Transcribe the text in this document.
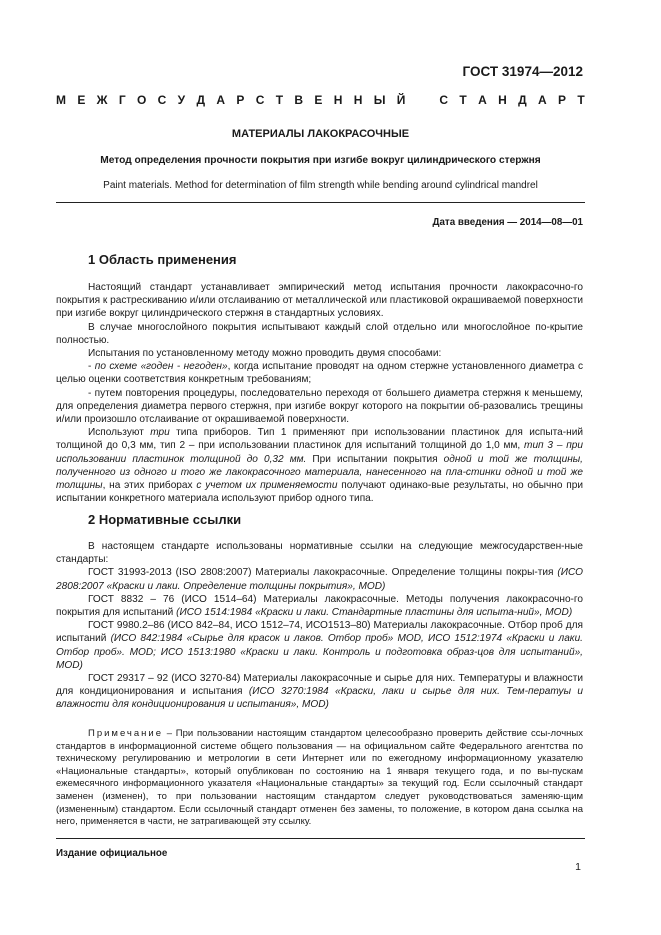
ГОСТ 31974—2012
М Е Ж Г О С У Д А Р С Т В Е Н Н Ы Й	С Т А Н Д А Р Т
МАТЕРИАЛЫ ЛАКОКРАСОЧНЫЕ
Метод определения прочности покрытия при изгибе вокруг цилиндрического стержня
Paint materials. Method for determination of film strength while bending around cylindrical mandrel
Дата введения — 2014—08—01
1 Область применения

Настоящий стандарт устанавливает эмпирический метод испытания прочности лакокрасочно-го покрытия к растрескиванию и/или отслаиванию от металлической или пластиковой окрашиваемой поверхности при изгибе вокруг цилиндрического стержня в стандартных условиях.

В случае многослойного покрытия испытывают каждый слой отдельно или многослойное по-крытие полностью.

Испытания по установленному методу можно проводить двумя способами:

- по схеме «годен - негоден», когда испытание проводят на одном стержне установленного диаметра с целью оценки соответствия конкретным требованиям;

- путем повторения процедуры, последовательно переходя от большего диаметра стержня к меньшему, для определения диаметра первого стержня, при изгибе вокруг которого на покрытии об-разовались трещины и/или произошло отслаивание от окрашиваемой поверхности.

Используют три типа приборов. Тип 1 применяют при использовании пластинок для испыта-ний толщиной до 0,3 мм, тип 2 – при использовании пластинок для испытаний толщиной до 1,0 мм, тип 3 – при использовании пластинок толщиной до 0,32 мм. При испытании покрытия одной и той же толщины, полученного из одного и того же лакокрасочного материала, нанесенного на пла-стинки одной и той же толщины, на этих приборах с учетом их применяемости получают одинако-вые результаты, но обычно при испытании конкретного материала используют прибор одного типа.

2 Нормативные ссылки

В настоящем стандарте использованы нормативные ссылки на следующие межгосударствен-ные стандарты:

ГОСТ 31993-2013 (ISO 2808:2007) Материалы лакокрасочные. Определение толщины покры-тия (ИСО 2808:2007 «Краски и лаки. Определение толщины покрытия», MOD)

ГОСТ 8832 – 76 (ИСО 1514–64) Материалы лакокрасочные. Методы получения лакокрасочно-го покрытия для испытаний (ИСО 1514:1984 «Краски и лаки. Стандартные пластины для испыта-ний», MOD)

ГОСТ 9980.2–86 (ИСО 842–84, ИСО 1512–74, ИСО1513–80) Материалы лакокрасочные. Отбор проб для испытаний (ИСО 842:1984 «Сырье для красок и лаков. Отбор проб» MOD, ИСО 1512:1974 «Краски и лаки. Отбор проб». MOD; ИСО 1513:1980 «Краски и лаки. Контроль и подготовка образ-цов для испытаний», MOD)

ГОСТ 29317 – 92 (ИСО 3270-84) Материалы лакокрасочные и сырье для них. Температуры и влажности для кондиционирования и испытания (ИСО 3270:1984 «Краски, лаки и сырье для них. Тем-ператуы и влажности для кондиционирования и испытания», MOD)

Примечание – При пользовании настоящим стандартом целесообразно проверить действие ссы-лочных стандартов в информационной системе общего пользования — на официальном сайте Федерального агентства по техническому регулированию и метрологии в сети Интернет или по ежегодному информационному указателю «Национальные стандарты», который опубликован по состоянию на 1 января текущего года, и по вы-пускам ежемесячного информационного указателя «Национальные стандарты» за текущий год. Если ссылочный стандарт заменен (изменен), то при пользовании настоящим стандартом следует руководствоваться заменяю-щим (измененным) стандартом. Если ссылочный стандарт отменен без замены, то положение, в котором дана ссылка на него, применяется в части, не затрагивающей эту ссылку.
Издание официальное
1
